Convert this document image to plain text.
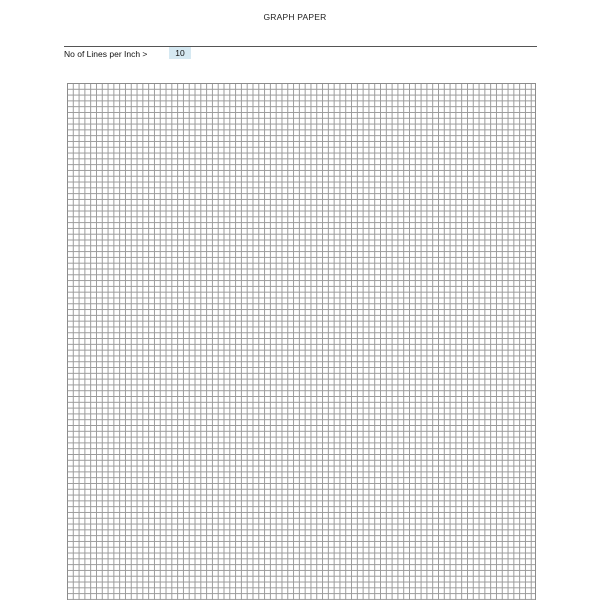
GRAPH PAPER
No of Lines per Inch >	10
